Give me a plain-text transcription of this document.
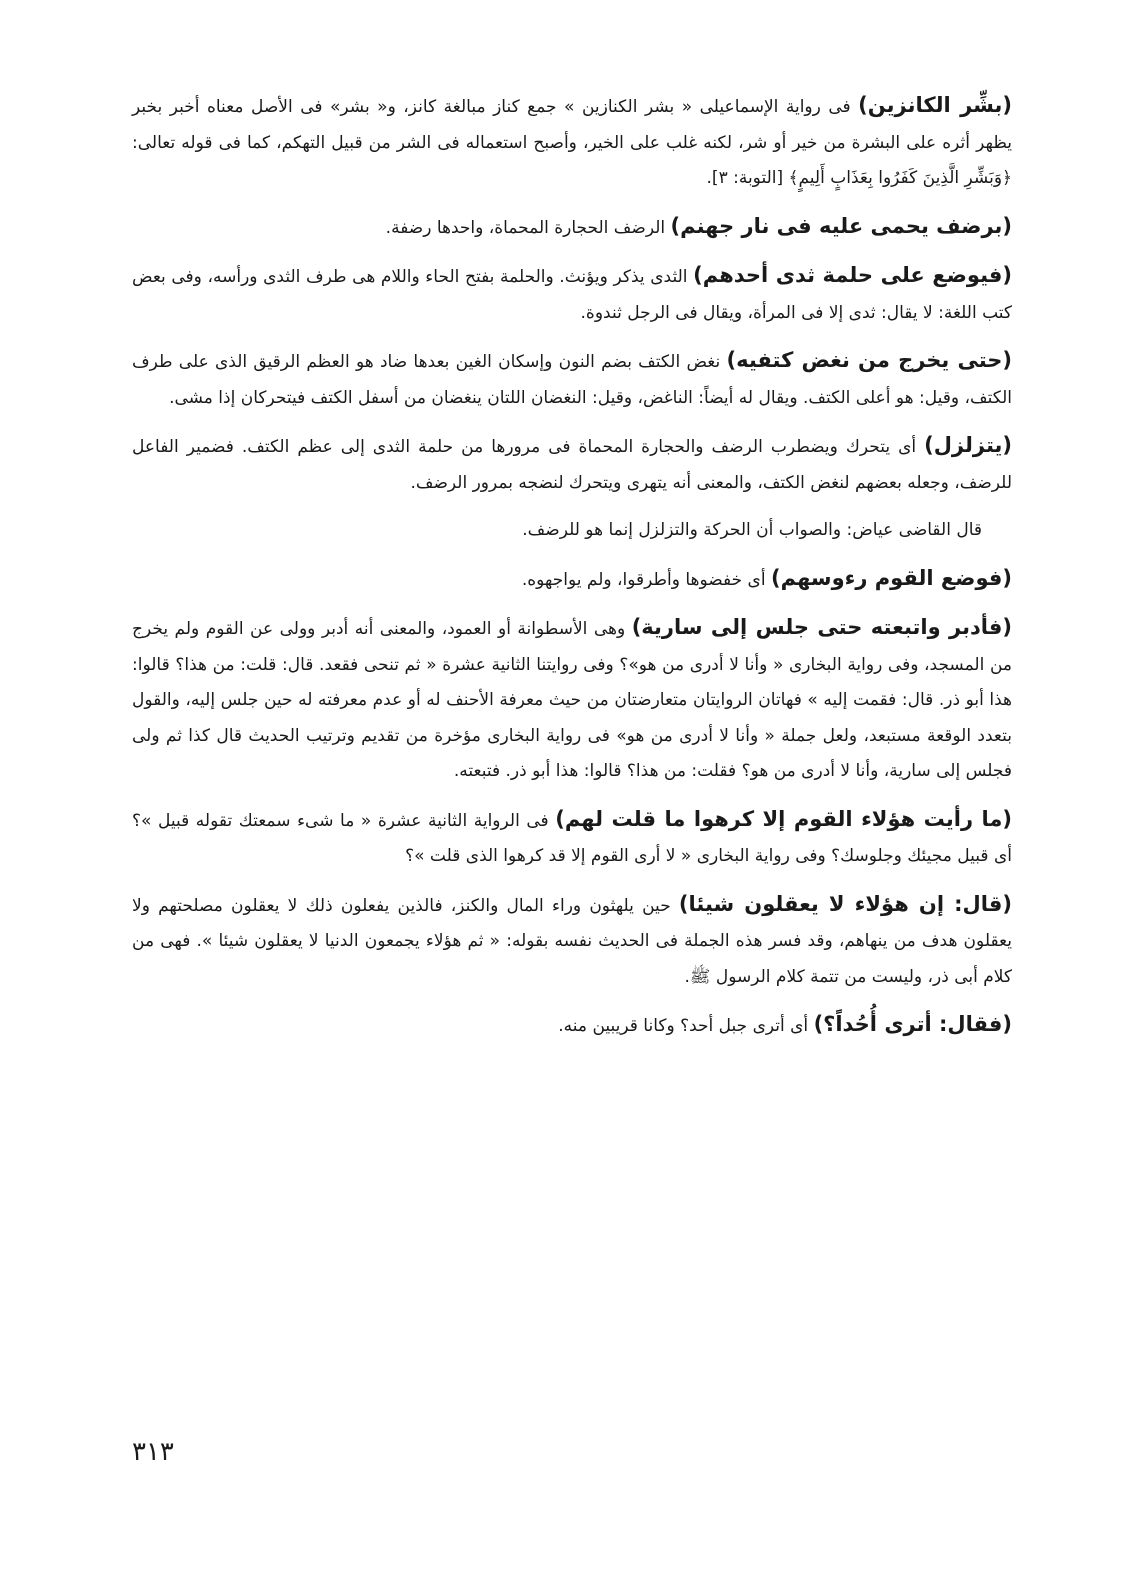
(بشِّر الكانزين) فى رواية الإسماعيلى « بشر الكنازين » جمع كناز مبالغة كانز، و« بشر» فى الأصل معناه أخبر بخبر يظهر أثره على البشرة من خير أو شر، لكنه غلب على الخير، وأصبح استعماله فى الشر من قبيل التهكم، كما فى قوله تعالى: ﴿وَبَشِّرِ الَّذِينَ كَفَرُوا بِعَذَابٍ أَلِيمٍ﴾ [التوبة: ٣].

(برضف يحمى عليه فى نار جهنم) الرضف الحجارة المحماة، واحدها رضفة.

(فيوضع على حلمة ثدى أحدهم) الثدى يذكر ويؤنث. والحلمة بفتح الحاء واللام هى طرف الثدى ورأسه، وفى بعض كتب اللغة: لا يقال: ثدى إلا فى المرأة، ويقال فى الرجل ثندوة.

(حتى يخرج من نغض كتفيه) نغض الكتف بضم النون وإسكان الغين بعدها ضاد هو العظم الرقيق الذى على طرف الكتف، وقيل: هو أعلى الكتف. ويقال له أيضاً: الناغض، وقيل: النغضان اللتان ينغضان من أسفل الكتف فيتحركان إذا مشى.

(يتزلزل) أى يتحرك ويضطرب الرضف والحجارة المحماة فى مرورها من حلمة الثدى إلى عظم الكتف. فضمير الفاعل للرضف، وجعله بعضهم لنغض الكتف، والمعنى أنه يتهرى ويتحرك لنضجه بمرور الرضف.

قال القاضى عياض: والصواب أن الحركة والتزلزل إنما هو للرضف.

(فوضع القوم رءوسهم) أى خفضوها وأطرقوا، ولم يواجهوه.

(فأدبر واتبعته حتى جلس إلى سارية) وهى الأسطوانة أو العمود، والمعنى أنه أدبر وولى عن القوم ولم يخرج من المسجد، وفى رواية البخارى « وأنا لا أدرى من هو»؟ وفى روايتنا الثانية عشرة « ثم تنحى فقعد. قال: قلت: من هذا؟ قالوا: هذا أبو ذر. قال: فقمت إليه » فهاتان الروايتان متعارضتان من حيث معرفة الأحنف له أو عدم معرفته له حين جلس إليه، والقول بتعدد الوقعة مستبعد، ولعل جملة « وأنا لا أدرى من هو» فى رواية البخارى مؤخرة من تقديم وترتيب الحديث قال كذا ثم ولى فجلس إلى سارية، وأنا لا أدرى من هو؟ فقلت: من هذا؟ قالوا: هذا أبو ذر. فتبعته.

(ما رأيت هؤلاء القوم إلا كرهوا ما قلت لهم) فى الرواية الثانية عشرة « ما شىء سمعتك تقوله قبيل »؟ أى قبيل مجيئك وجلوسك؟ وفى رواية البخارى « لا أرى القوم إلا قد كرهوا الذى قلت »؟

(قال: إن هؤلاء لا يعقلون شيئا) حين يلهثون وراء المال والكنز، فالذين يفعلون ذلك لا يعقلون مصلحتهم ولا يعقلون هدف من ينهاهم، وقد فسر هذه الجملة فى الحديث نفسه بقوله: « ثم هؤلاء يجمعون الدنيا لا يعقلون شيئا ». فهى من كلام أبى ذر، وليست من تتمة كلام الرسول ﷺ.

(فقال: أترى أُحُداً؟) أى أترى جبل أحد؟ وكانا قريبين منه.

٣١٣
